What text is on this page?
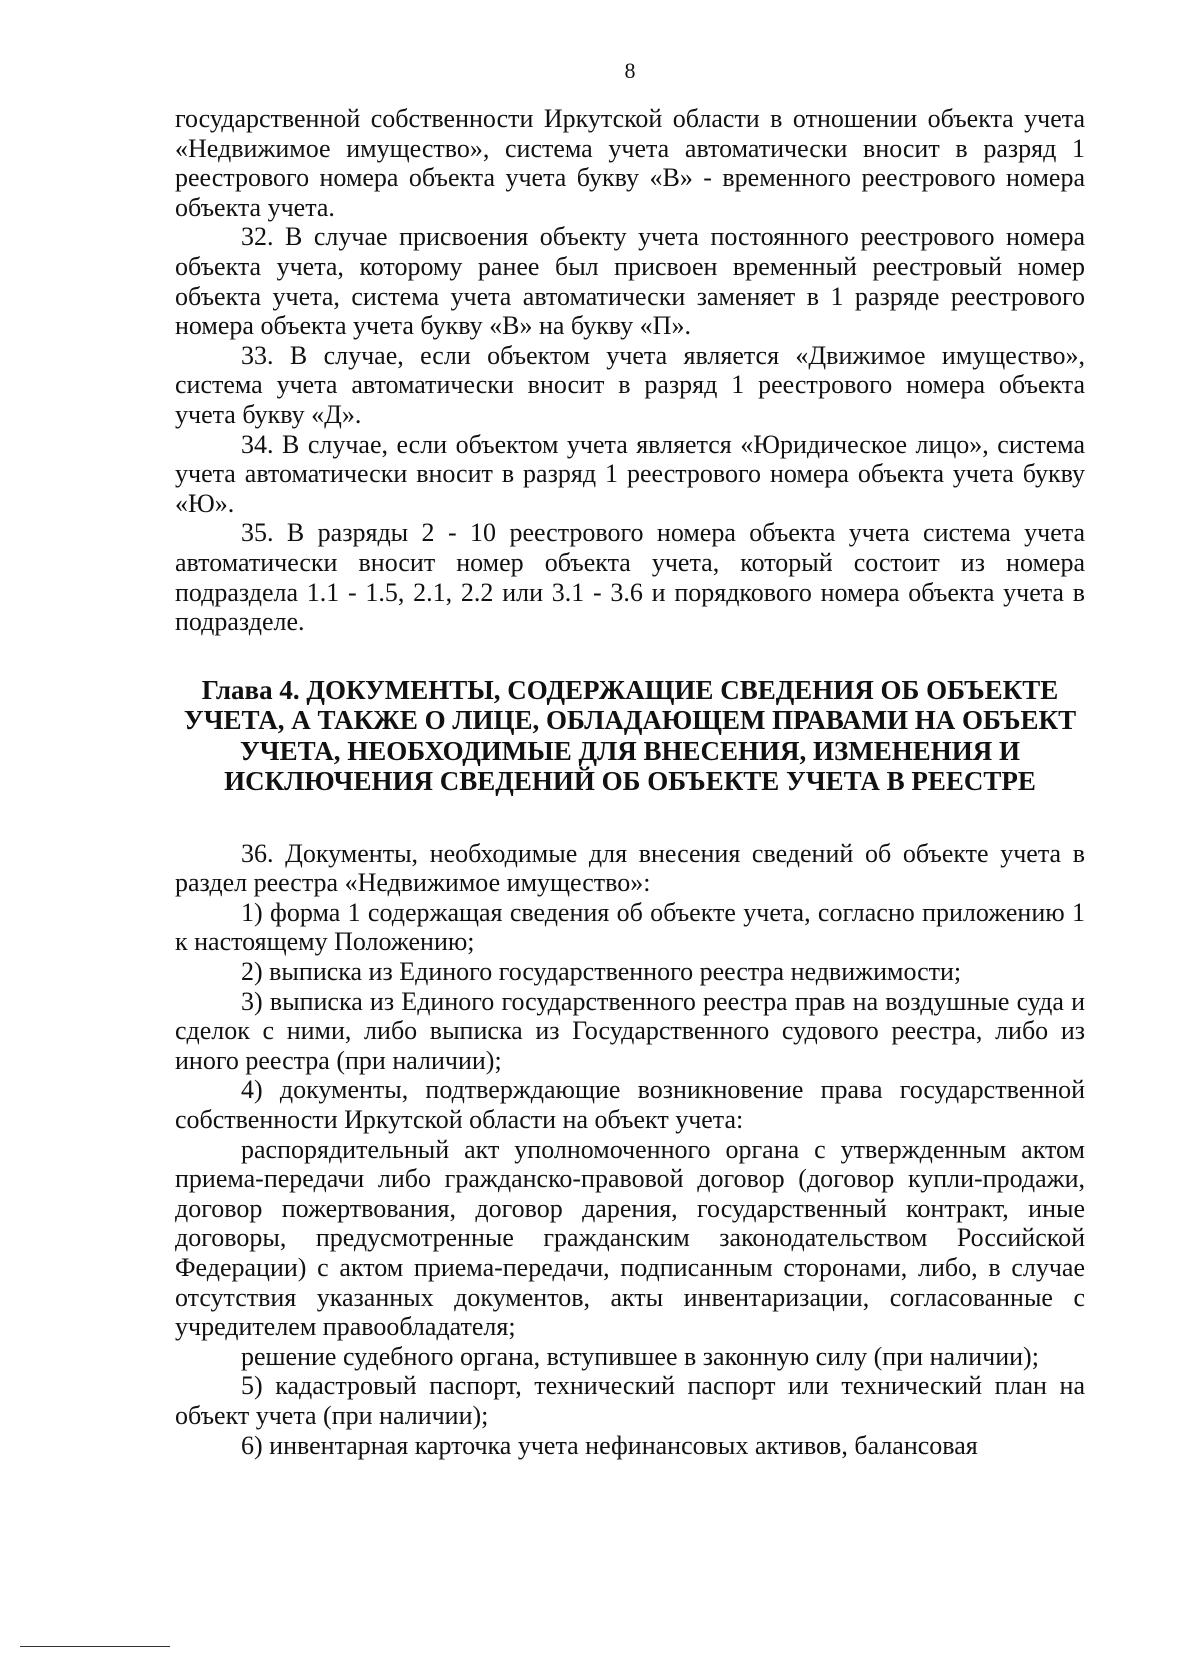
8

государственной собственности Иркутской области в отношении объекта учета «Недвижимое имущество», система учета автоматически вносит в разряд 1 реестрового номера объекта учета букву «В» - временного реестрового номера объекта учета.

32. В случае присвоения объекту учета постоянного реестрового номера объекта учета, которому ранее был присвоен временный реестровый номер объекта учета, система учета автоматически заменяет в 1 разряде реестрового номера объекта учета букву «В» на букву «П».

33. В случае, если объектом учета является «Движимое имущество», система учета автоматически вносит в разряд 1 реестрового номера объекта учета букву «Д».

34. В случае, если объектом учета является «Юридическое лицо», система учета автоматически вносит в разряд 1 реестрового номера объекта учета букву «Ю».

35. В разряды 2 - 10 реестрового номера объекта учета система учета автоматически вносит номер объекта учета, который состоит из номера подраздела 1.1 - 1.5, 2.1, 2.2 или 3.1 - 3.6 и порядкового номера объекта учета в подразделе.

Глава 4. ДОКУМЕНТЫ, СОДЕРЖАЩИЕ СВЕДЕНИЯ ОБ ОБЪЕКТЕ УЧЕТА, А ТАКЖЕ О ЛИЦЕ, ОБЛАДАЮЩЕМ ПРАВАМИ НА ОБЪЕКТ УЧЕТА, НЕОБХОДИМЫЕ ДЛЯ ВНЕСЕНИЯ, ИЗМЕНЕНИЯ И ИСКЛЮЧЕНИЯ СВЕДЕНИЙ ОБ ОБЪЕКТЕ УЧЕТА В РЕЕСТРЕ

36. Документы, необходимые для внесения сведений об объекте учета в раздел реестра «Недвижимое имущество»:

1) форма 1 содержащая сведения об объекте учета, согласно приложению 1 к настоящему Положению;

2) выписка из Единого государственного реестра недвижимости;

3) выписка из Единого государственного реестра прав на воздушные суда и сделок с ними, либо выписка из Государственного судового реестра, либо из иного реестра (при наличии);

4) документы, подтверждающие возникновение права государственной собственности Иркутской области на объект учета:

распорядительный акт уполномоченного органа с утвержденным актом приема-передачи либо гражданско-правовой договор (договор купли-продажи, договор пожертвования, договор дарения, государственный контракт, иные договоры, предусмотренные гражданским законодательством Российской Федерации) с актом приема-передачи, подписанным сторонами, либо, в случае отсутствия указанных документов, акты инвентаризации, согласованные с учредителем правообладателя;

решение судебного органа, вступившее в законную силу (при наличии);

5) кадастровый паспорт, технический паспорт или технический план на объект учета (при наличии);

6) инвентарная карточка учета нефинансовых активов, балансовая
